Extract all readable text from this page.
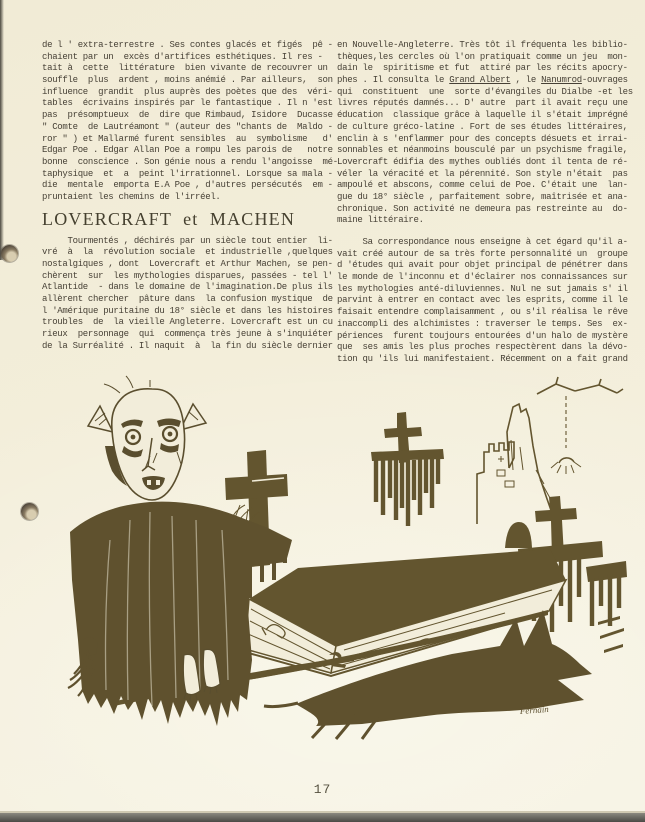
de l ' extra-terrestre . Ses contes glacés et figés  pê -
chaient par un  excès d'artifices esthétiques. Il res -
tait à  cette  littérature  bien vivante de recouvrer un
souffle  plus  ardent , moins anémié . Par ailleurs,  son
influence  grandit  plus auprès des poètes que des  véri-
tables  écrivains inspirés par le fantastique . Il n 'est
pas  présomptueux  de  dire que Rimbaud, Isidore  Ducasse
" Comte  de Lautréamont " (auteur des "chants de  Maldo -
ror " ) et Mallarmé furent sensibles  au  symbolisme   d'
Edgar Poe . Edgar Allan Poe a rompu les parois de   notre
bonne  conscience . Son génie nous a rendu l'angoisse  mé-
taphysique  et  a  peint l'irrationnel. Lorsque sa mala -
die  mentale  emporta E.A Poe , d'autres persécutés  em -
pruntaient les chemins de l'irréel.
LOVERCRAFT  et  MACHEN
Tourmentés , déchirés par un siècle tout entier  li-
vré  à  la  révolution sociale  et industrielle ,quelques
nostalgiques , dont  Lovercraft et Arthur Machen, se pen-
chèrent  sur  les mythologies disparues, passées - tel l'
Atlantide  - dans le domaine de l'imagination.De plus ils
allèrent chercher  pâture dans  la confusion mystique  de
l 'Amérique puritaine du 18° siècle et dans les histoires
troubles  de  la vieille Angleterre. Lovercraft est un cu
rieux  personnage  qui  commença très jeune à s'inquiéter
de la Surréalité . Il naquit  à  la fin du siècle dernier
en Nouvelle-Angleterre. Très tôt il fréquenta les biblio-
thèques,les cercles où l'on pratiquait comme un jeu  mon-
dain le  spiritisme et fut  attiré par les récits apocry-
phes . Il consulta le Grand Albert , le Nanumrod-ouvrages
qui  constituent  une  sorte d'évangiles du Dialbe -et les
livres réputés damnés... D' autre  part il avait reçu une
éducation  classique grâce à laquelle il s'était imprégné
de culture gréco-latine . Fort de ses études littéraires,
enclin à s 'enflammer pour des concepts désuets et irrai-
sonnables et néanmoins bousculé par un psychisme fragile,
Lovercraft édifia des mythes oubliés dont il tenta de ré-
véler la véracité et la pérennité. Son style n'était  pas
ampoulé et abscons, comme celui de Poe. C'était une  lan-
gue du 18° siècle , parfaitement sobre, maîtrisée et ana-
chronique. Son activité ne demeura pas restreinte au  do-
maine littéraire.
Sa correspondance nous enseigne à cet égard qu'il a-
vait créé autour de sa très forte personnalité un  groupe
d 'études qui avait pour objet principal de pénétrer dans
le monde de l'inconnu et d'éclairer nos connaissances sur
les mythologies anté-diluviennes. Nul ne sut jamais s' il
parvint à entrer en contact avec les esprits, comme il le
faisait entendre complaisamment , ou s'il réalisa le rêve
inaccompli des alchimistes : traverser le temps. Ses  ex-
périences  furent toujours entourées d'un halo de mystère
que  ses amis les plus proches respectèrent dans la dévo-
tion qu 'ils lui manifestaient. Récemment on a fait grand
Fernain
17
